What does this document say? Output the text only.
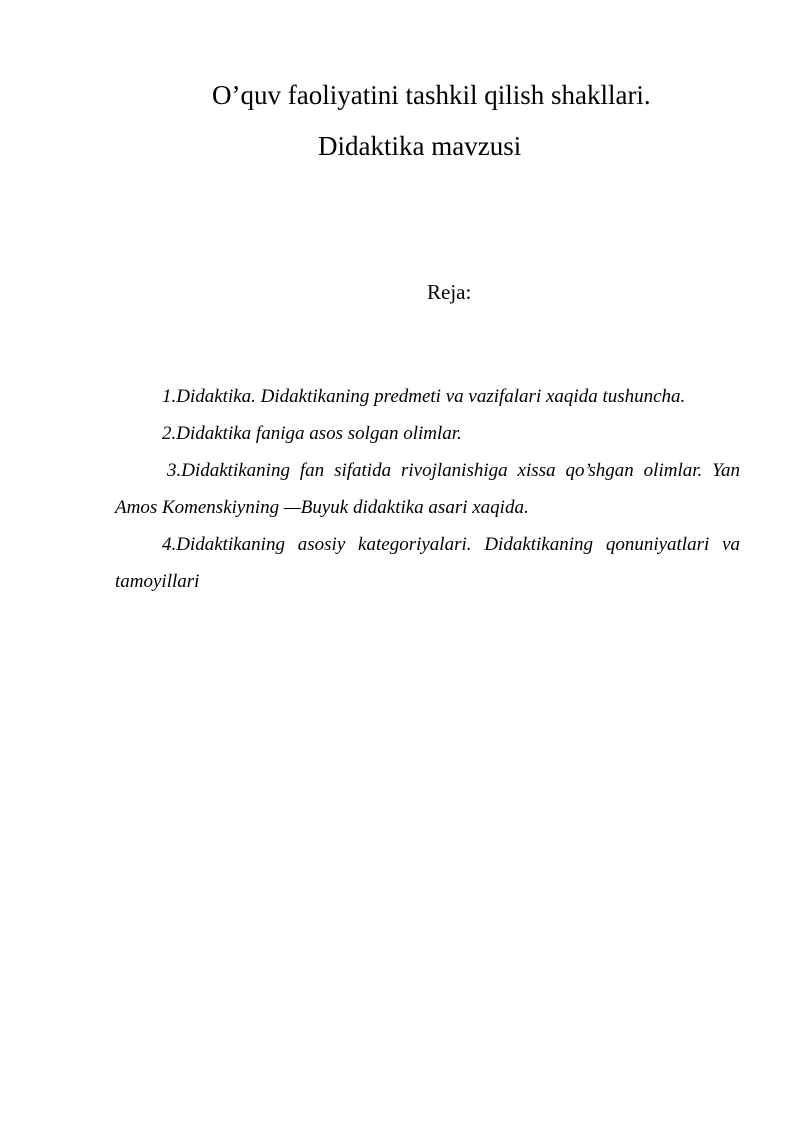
O’quv faoliyatini tashkil qilish shakllari.
Didaktika mavzusi
Reja:

1.Didaktika. Didaktikaning predmeti va vazifalari xaqida tushuncha.

2.Didaktika faniga asos solgan olimlar.

3.Didaktikaning fan sifatida rivojlanishiga xissa qo’shgan olimlar. Yan Amos Komenskiyning —Buyuk didaktika asari xaqida.

4.Didaktikaning asosiy kategoriyalari. Didaktikaning qonuniyatlari va tamoyillari
